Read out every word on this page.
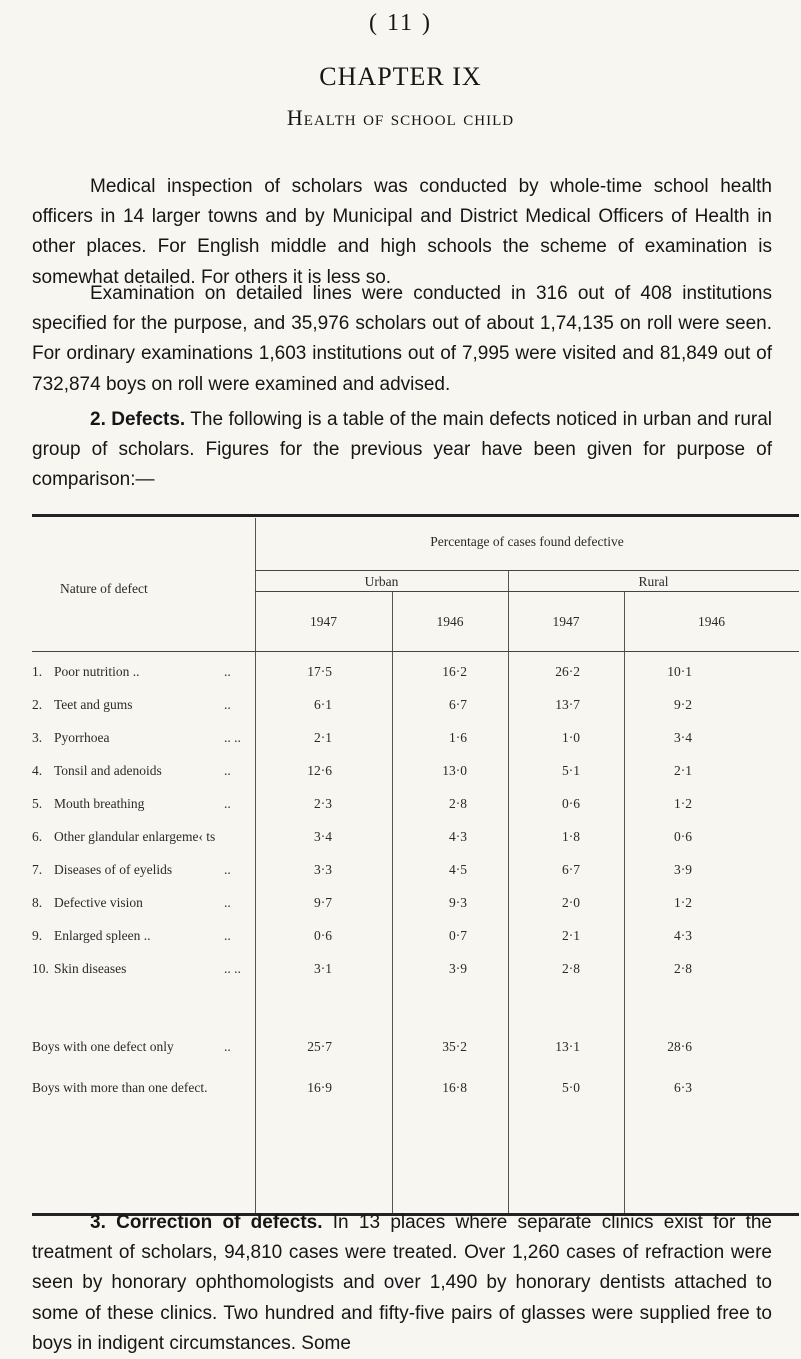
( 11 )
CHAPTER IX
Health of school child

Medical inspection of scholars was conducted by whole-time school health officers in 14 larger towns and by Municipal and District Medical Officers of Health in other places. For English middle and high schools the scheme of examination is somewhat detailed. For others it is less so.

Examination on detailed lines were conducted in 316 out of 408 institutions specified for the purpose, and 35,976 scholars out of about 1,74,135 on roll were seen. For ordinary examinations 1,603 institutions out of 7,995 were visited and 81,849 out of 732,874 boys on roll were examined and advised.

2. Defects. The following is a table of the main defects noticed in urban and rural group of scholars. Figures for the previous year have been given for purpose of comparison:—

Percentage of cases found defective
Nature of defect	Urban	Rural
1947	1946	1947	1946
1. Poor nutrition ..	..	17·5	16·2	26·2	10·1
2. Teet and gums	..	6·1	6·7	13·7	9·2
3. Pyorrhoea	.. ..	2·1	1·6	1·0	3·4
4. Tonsil and adenoids	..	12·6	13·0	5·1	2·1
5. Mouth breathing	..	2·3	2·8	0·6	1·2
6. Other glandular enlargeme‹ ts	3·4	4·3	1·8	0·6
7. Diseases of of eyelids	..	3·3	4·5	6·7	3·9
8. Defective vision	..	9·7	9·3	2·0	1·2
9. Enlarged spleen ..	..	0·6	0·7	2·1	4·3
10. Skin diseases	.. ..	3·1	3·9	2·8	2·8
Boys with one defect only	..	25·7	35·2	13·1	28·6
Boys with more than one defect.	16·9	16·8	5·0	6·3

3. Correction of defects. In 13 places where separate clinics exist for the treatment of scholars, 94,810 cases were treated. Over 1,260 cases of refraction were seen by honorary ophthomologists and over 1,490 by honorary dentists attached to some of these clinics. Two hundred and fifty-five pairs of glasses were supplied free to boys in indigent circumstances. Some
